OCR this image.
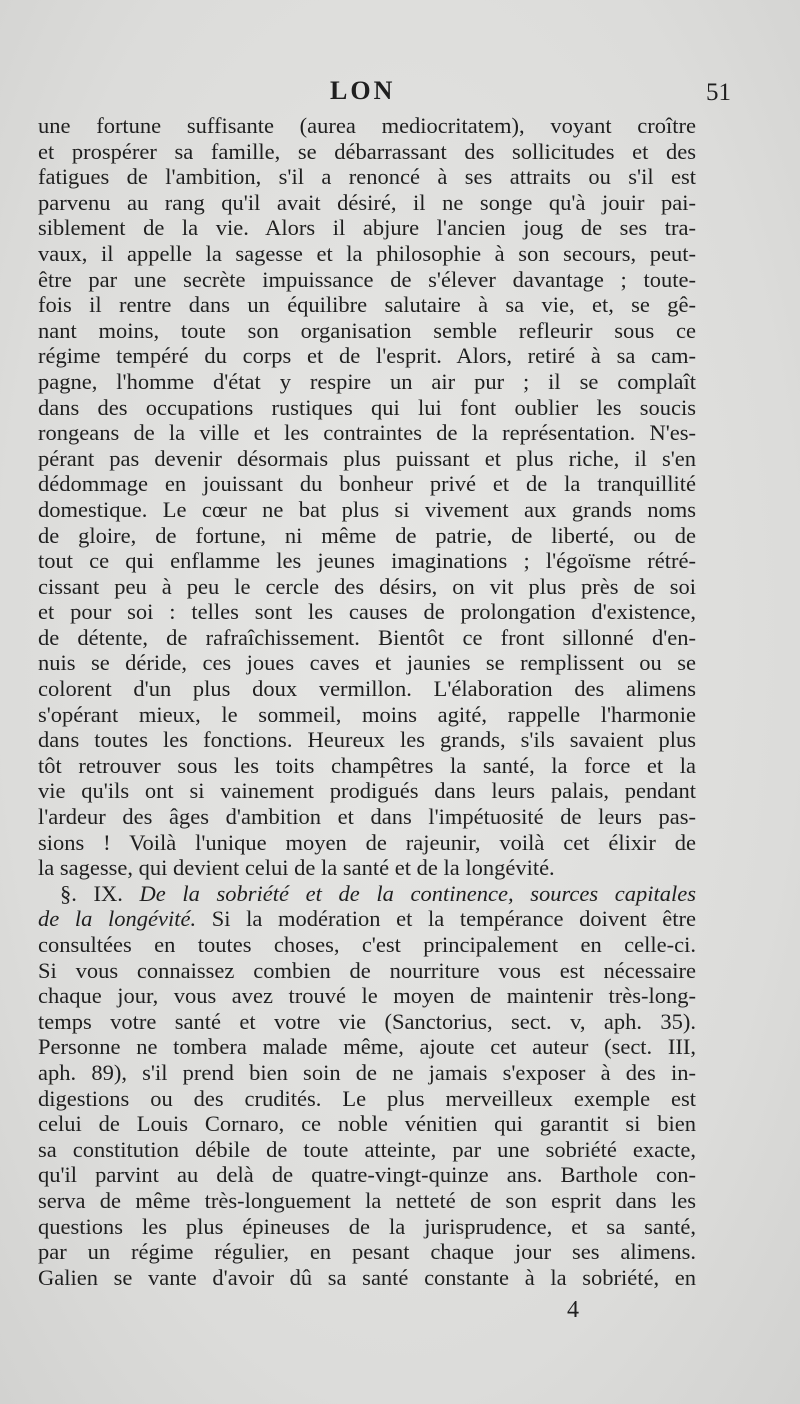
LON	51
une fortune suffisante (aurea mediocritatem), voyant croître
et prospérer sa famille, se débarrassant des sollicitudes et des
fatigues de l'ambition, s'il a renoncé à ses attraits ou s'il est
parvenu au rang qu'il avait désiré, il ne songe qu'à jouir pai-
siblement de la vie. Alors il abjure l'ancien joug de ses tra-
vaux, il appelle la sagesse et la philosophie à son secours, peut-
être par une secrète impuissance de s'élever davantage ; toute-
fois il rentre dans un équilibre salutaire à sa vie, et, se gê-
nant moins, toute son organisation semble refleurir sous ce
régime tempéré du corps et de l'esprit. Alors, retiré à sa cam-
pagne, l'homme d'état y respire un air pur ; il se complaît
dans des occupations rustiques qui lui font oublier les soucis
rongeans de la ville et les contraintes de la représentation. N'es-
pérant pas devenir désormais plus puissant et plus riche, il s'en
dédommage en jouissant du bonheur privé et de la tranquillité
domestique. Le cœur ne bat plus si vivement aux grands noms
de gloire, de fortune, ni même de patrie, de liberté, ou de
tout ce qui enflamme les jeunes imaginations ; l'égoïsme rétré-
cissant peu à peu le cercle des désirs, on vit plus près de soi
et pour soi : telles sont les causes de prolongation d'existence,
de détente, de rafraîchissement. Bientôt ce front sillonné d'en-
nuis se déride, ces joues caves et jaunies se remplissent ou se
colorent d'un plus doux vermillon. L'élaboration des alimens
s'opérant mieux, le sommeil, moins agité, rappelle l'harmonie
dans toutes les fonctions. Heureux les grands, s'ils savaient plus
tôt retrouver sous les toits champêtres la santé, la force et la
vie qu'ils ont si vainement prodigués dans leurs palais, pendant
l'ardeur des âges d'ambition et dans l'impétuosité de leurs pas-
sions ! Voilà l'unique moyen de rajeunir, voilà cet élixir de
la sagesse, qui devient celui de la santé et de la longévité.
§. IX. De la sobriété et de la continence, sources capitales
de la longévité. Si la modération et la tempérance doivent être
consultées en toutes choses, c'est principalement en celle-ci.
Si vous connaissez combien de nourriture vous est nécessaire
chaque jour, vous avez trouvé le moyen de maintenir très-long-
temps votre santé et votre vie (Sanctorius, sect. v, aph. 35).
Personne ne tombera malade même, ajoute cet auteur (sect. III,
aph. 89), s'il prend bien soin de ne jamais s'exposer à des in-
digestions ou des crudités. Le plus merveilleux exemple est
celui de Louis Cornaro, ce noble vénitien qui garantit si bien
sa constitution débile de toute atteinte, par une sobriété exacte,
qu'il parvint au delà de quatre-vingt-quinze ans. Barthole con-
serva de même très-longuement la netteté de son esprit dans les
questions les plus épineuses de la jurisprudence, et sa santé,
par un régime régulier, en pesant chaque jour ses alimens.
Galien se vante d'avoir dû sa santé constante à la sobriété, en
4
